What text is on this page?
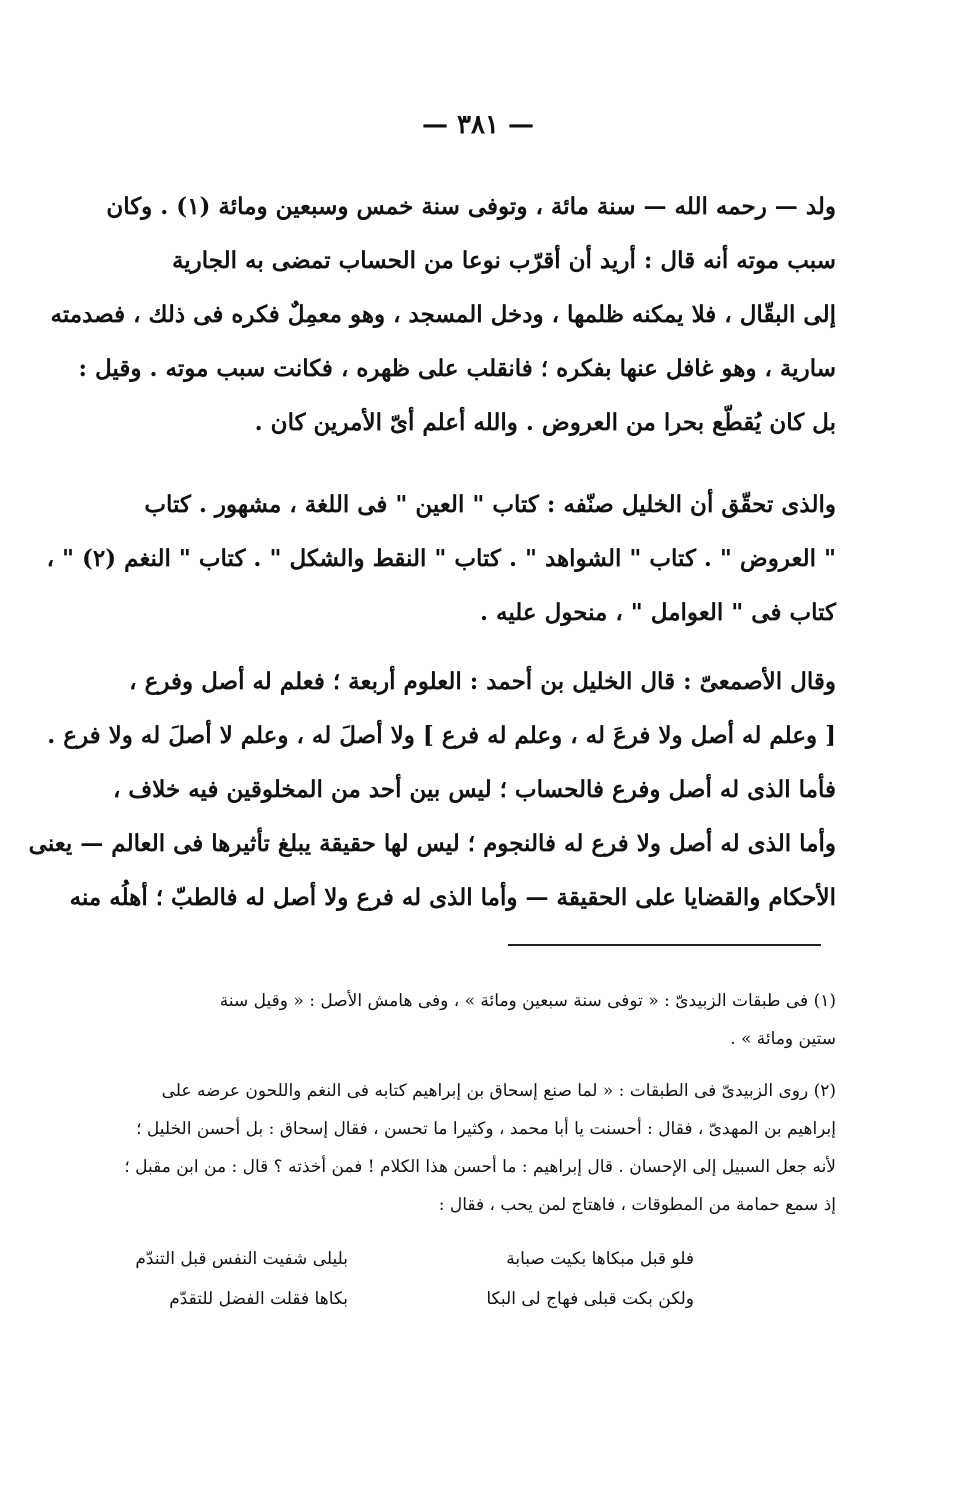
— ٣٨١ —
ولد — رحمه الله — سنة مائة ، وتوفى سنة خمس وسبعين ومائة (١) . وكان
سبب موته أنه قال : أريد أن أقرّب نوعا من الحساب تمضى به الجارية
إلى البقّال ، فلا يمكنه ظلمها ، ودخل المسجد ، وهو معمِلٌ فكره فى ذلك ، فصدمته
سارية ، وهو غافل عنها بفكره ؛ فانقلب على ظهره ، فكانت سبب موته . وقيل :
بل كان يُقطّع بحرا من العروض . والله أعلم أىّ الأمرين كان .
والذى تحقّق أن الخليل صنّفه : كتاب " العين " فى اللغة ، مشهور . كتاب
" العروض " . كتاب " الشواهد " . كتاب " النقط والشكل " . كتاب " النغم (٢) " ،
كتاب فى " العوامل " ، منحول عليه .
وقال الأصمعىّ : قال الخليل بن أحمد : العلوم أربعة ؛ فعلم له أصل وفرع ،
[ وعلم له أصل ولا فرعَ له ، وعلم له فرع ] ولا أصلَ له ، وعلم لا أصلَ له ولا فرع .
فأما الذى له أصل وفرع فالحساب ؛ ليس بين أحد من المخلوقين فيه خلاف ،
وأما الذى له أصل ولا فرع له فالنجوم ؛ ليس لها حقيقة يبلغ تأثيرها فى العالم — يعنى
الأحكام والقضايا على الحقيقة — وأما الذى له فرع ولا أصل له فالطبّ ؛ أهلُه منه
(١) فى طبقات الزبيدىّ : « توفى سنة سبعين ومائة » ، وفى هامش الأصل : « وقيل سنة
ستين ومائة » .
(٢) روى الزبيدىّ فى الطبقات : « لما صنع إسحاق بن إبراهيم كتابه فى النغم واللحون عرضه على
إبراهيم بن المهدىّ ، فقال : أحسنت يا أبا محمد ، وكثيرا ما تحسن ، فقال إسحاق : بل أحسن الخليل ؛
لأنه جعل السبيل إلى الإحسان . قال إبراهيم : ما أحسن هذا الكلام ! فمن أخذته ؟ قال : من ابن مقبل ؛
إذ سمع حمامة من المطوقات ، فاهتاج لمن يحب ، فقال :
فلو قبل مبكاها بكيت صبابة
بليلى شفيت النفس قبل التندّم
ولكن بكت قبلى فهاج لى البكا
بكاها فقلت الفضل للتقدّم
